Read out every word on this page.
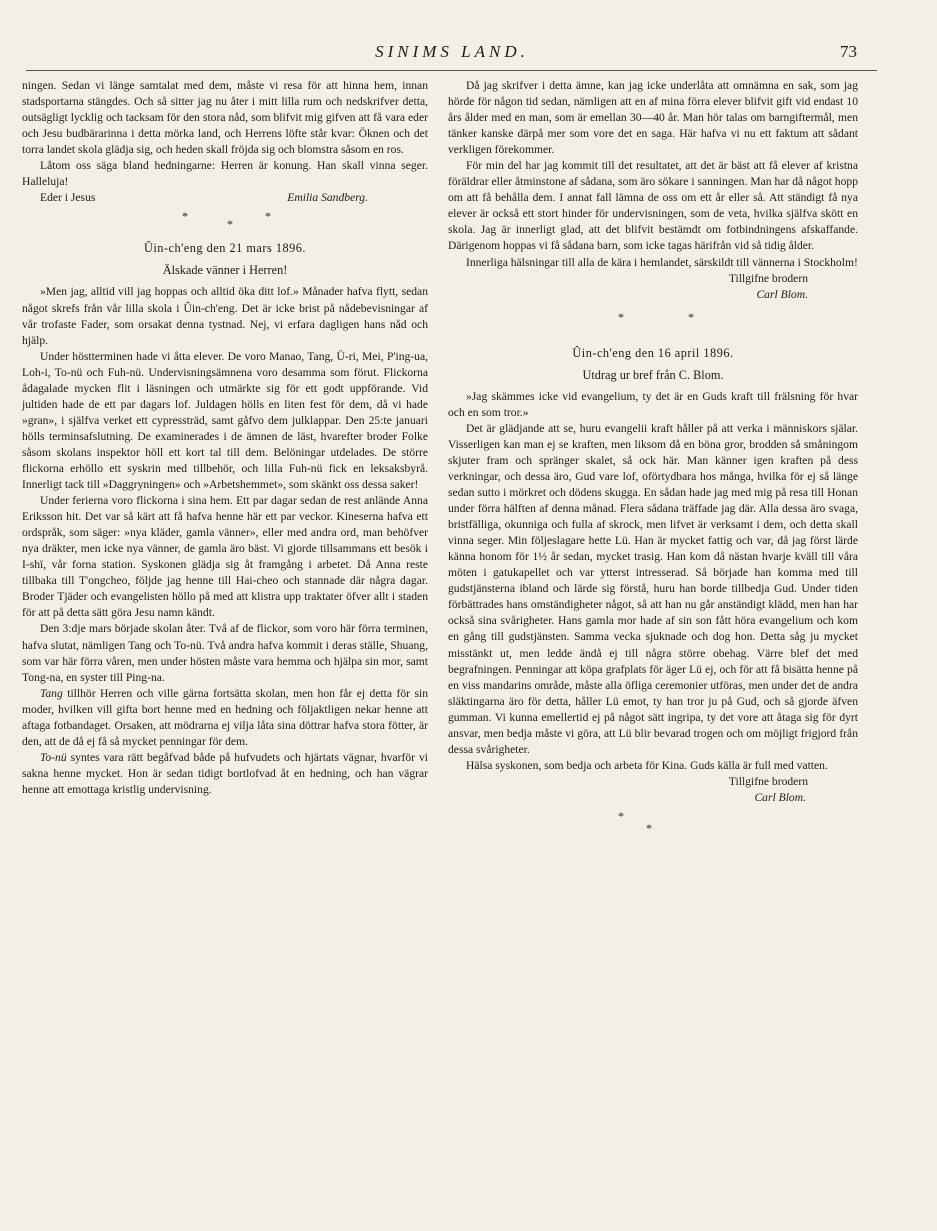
SINIMS LAND.	73

ningen. Sedan vi länge samtalat med dem, måste vi resa för att hinna hem, innan stadsportarna stängdes. Och så sitter jag nu åter i mitt lilla rum och nedskrifver detta, outsägligt lycklig och tacksam för den stora nåd, som blifvit mig gifven att få vara eder och Jesu budbärarinna i detta mörka land, och Herrens löfte står kvar: Öknen och det torra landet skola glädja sig, och heden skall fröjda sig och blomstra såsom en ros.

Låtom oss säga bland hedningarne: Herren är konung. Han skall vinna seger. Halleluja!

Eder i Jesus	Emilia Sandberg.
*
*
*
Ûin-ch'eng den 21 mars 1896.
Älskade vänner i Herren!

»Men jag, alltid vill jag hoppas och alltid öka ditt lof.» Månader hafva flytt, sedan något skrefs från vår lilla skola i Ûin-ch'eng. Det är icke brist på nådebevisningar af vår trofaste Fader, som orsakat denna tystnad. Nej, vi erfara dagligen hans nåd och hjälp.

Under höstterminen hade vi åtta elever. De voro Manao, Tang, Ü-ri, Mei, P'ing-ua, Loh-i, To-nü och Fuh-nü. Undervisningsämnena voro desamma som förut. Flickorna ådagalade mycken flit i läsningen och utmärkte sig för ett godt uppförande. Vid jultiden hade de ett par dagars lof. Juldagen hölls en liten fest för dem, då vi hade »gran», i själfva verket ett cypressträd, samt gåfvo dem julklappar. Den 25:te januari hölls terminsafslutning. De examinerades i de ämnen de läst, hvarefter broder Folke såsom skolans inspektor höll ett kort tal till dem. Belöningar utdelades. De större flickorna erhöllo ett syskrin med tillbehör, och lilla Fuh-nü fick en leksaksbyrå. Innerligt tack till »Daggryningen» och »Arbetshemmet», som skänkt oss dessa saker!

Under ferierna voro flickorna i sina hem. Ett par dagar sedan de rest anlände Anna Eriksson hit. Det var så kärt att få hafva henne här ett par veckor. Kineserna hafva ett ordspråk, som säger: »nya kläder, gamla vänner», eller med andra ord, man behöfver nya dräkter, men icke nya vänner, de gamla äro bäst. Vi gjorde tillsammans ett besök i I-shï, vår forna station. Syskonen glädja sig åt framgång i arbetet. Då Anna reste tillbaka till T'ongcheo, följde jag henne till Hai-cheo och stannade där några dagar. Broder Tjäder och evangelisten höllo på med att klistra upp traktater öfver allt i staden för att på detta sätt göra Jesu namn kändt.

Den 3:dje mars började skolan åter. Två af de flickor, som voro här förra terminen, hafva slutat, nämligen Tang och To-nü. Två andra hafva kommit i deras ställe, Shuang, som var här förra våren, men under hösten måste vara hemma och hjälpa sin mor, samt Tong-na, en syster till Ping-na.

Tang tillhör Herren och ville gärna fortsätta skolan, men hon får ej detta för sin moder, hvilken vill gifta bort henne med en hedning och följaktligen nekar henne att aftaga fotbandaget. Orsaken, att mödrarna ej vilja låta sina döttrar hafva stora fötter, är den, att de då ej få så mycket penningar för dem.

To-nü syntes vara rätt begåfvad både på hufvudets och hjärtats vägnar, hvarför vi sakna henne mycket. Hon är sedan tidigt bortlofvad åt en hedning, och han vägrar henne att emottaga kristlig undervisning.

Då jag skrifver i detta ämne, kan jag icke underlåta att omnämna en sak, som jag hörde för någon tid sedan, nämligen att en af mina förra elever blifvit gift vid endast 10 års ålder med en man, som är emellan 30—40 år. Man hör talas om barngiftermål, men tänker kanske därpå mer som vore det en saga. Här hafva vi nu ett faktum att sådant verkligen förekommer.

För min del har jag kommit till det resultatet, att det är bäst att få elever af kristna föräldrar eller åtminstone af sådana, som äro sökare i sanningen. Man har då något hopp om att få behålla dem. I annat fall lämna de oss om ett år eller så. Att ständigt få nya elever är också ett stort hinder för undervisningen, som de veta, hvilka själfva skött en skola. Jag är innerligt glad, att det blifvit bestämdt om fotbindningens afskaffande. Därigenom hoppas vi få sådana barn, som icke tagas härifrån vid så tidig ålder.

Innerliga hälsningar till alla de kära i hemlandet, särskildt till vännerna i Stockholm!

Tillgifne brodern
Carl Blom.
*	*
Ûin-ch'eng den 16 april 1896.
Utdrag ur bref från C. Blom.

»Jag skämmes icke vid evangelium, ty det är en Guds kraft till frälsning för hvar och en som tror.»

Det är glädjande att se, huru evangelii kraft håller på att verka i människors själar. Visserligen kan man ej se kraften, men liksom då en böna gror, brodden så småningom skjuter fram och spränger skalet, så ock här. Man känner igen kraften på dess verkningar, och dessa äro, Gud vare lof, oförtydbara hos många, hvilka för ej så länge sedan sutto i mörkret och dödens skugga. En sådan hade jag med mig på resa till Honan under förra hälften af denna månad. Flera sådana träffade jag där. Alla dessa äro svaga, bristfälliga, okunniga och fulla af skrock, men lifvet är verksamt i dem, och detta skall vinna seger. Min följeslagare hette Lü. Han är mycket fattig och var, då jag först lärde känna honom för 1½ år sedan, mycket trasig. Han kom då nästan hvarje kväll till våra möten i gatukapellet och var ytterst intresserad. Så började han komma med till gudstjänsterna ibland och lärde sig förstå, huru han borde tillbedja Gud. Under tiden förbättrades hans omständigheter något, så att han nu går anständigt klädd, men han har också sina svårigheter. Hans gamla mor hade af sin son fått höra evangelium och kom en gång till gudstjänsten. Samma vecka sjuknade och dog hon. Detta såg ju mycket misstänkt ut, men ledde ändå ej till några större obehag. Värre blef det med begrafningen. Penningar att köpa grafplats för äger Lü ej, och för att få bisätta henne på en viss mandarins område, måste alla öfliga ceremonier utföras, men under det de andra släktingarna äro för detta, håller Lü emot, ty han tror ju på Gud, och så gjorde äfven gumman. Vi kunna emellertid ej på något sätt ingripa, ty det vore att åtaga sig för dyrt ansvar, men bedja måste vi göra, att Lü blir bevarad trogen och om möjligt frigjord från dessa svårigheter.

Hälsa syskonen, som bedja och arbeta för Kina. Guds källa är full med vatten.

Tillgifne brodern
Carl Blom.
*
*
